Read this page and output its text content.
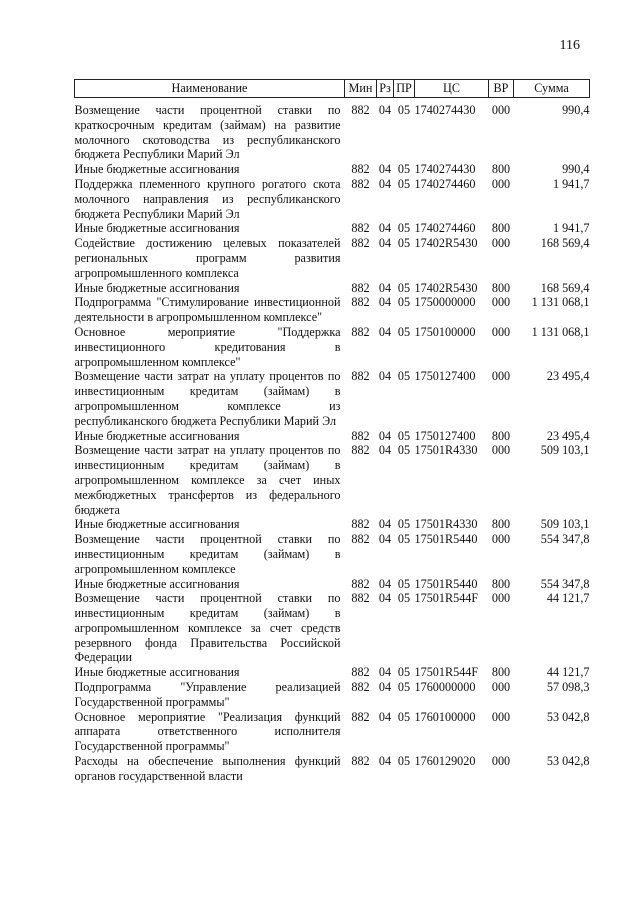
116
Наименование	Мин	Рз	ПР	ЦС	ВР	Сумма

Возмещение части процентной ставки по краткосрочным кредитам (займам) на развитие молочного скотоводства из республиканского бюджета Республики Марий Эл	882	04	05	1740274430	000	990,4
Иные бюджетные ассигнования	882	04	05	1740274430	800	990,4
Поддержка племенного крупного рогатого скота молочного направления из республиканского бюджета Республики Марий Эл	882	04	05	1740274460	000	1 941,7
Иные бюджетные ассигнования	882	04	05	1740274460	800	1 941,7
Содействие достижению целевых показателей региональных программ развития агропромышленного комплекса	882	04	05	17402R5430	000	168 569,4
Иные бюджетные ассигнования	882	04	05	17402R5430	800	168 569,4
Подпрограмма "Стимулирование инвестиционной деятельности в агропромышленном комплексе"	882	04	05	1750000000	000	1 131 068,1
Основное мероприятие "Поддержка инвестиционного кредитования в агропромышленном комплексе"	882	04	05	1750100000	000	1 131 068,1
Возмещение части затрат на уплату процентов по инвестиционным кредитам (займам) в агропромышленном комплексе из республиканского бюджета Республики Марий Эл	882	04	05	1750127400	000	23 495,4
Иные бюджетные ассигнования	882	04	05	1750127400	800	23 495,4
Возмещение части затрат на уплату процентов по инвестиционным кредитам (займам) в агропромышленном комплексе за счет иных межбюджетных трансфертов из федерального бюджета	882	04	05	17501R4330	000	509 103,1
Иные бюджетные ассигнования	882	04	05	17501R4330	800	509 103,1
Возмещение части процентной ставки по инвестиционным кредитам (займам) в агропромышленном комплексе	882	04	05	17501R5440	000	554 347,8
Иные бюджетные ассигнования	882	04	05	17501R5440	800	554 347,8
Возмещение части процентной ставки по инвестиционным кредитам (займам) в агропромышленном комплексе за счет средств резервного фонда Правительства Российской Федерации	882	04	05	17501R544F	000	44 121,7
Иные бюджетные ассигнования	882	04	05	17501R544F	800	44 121,7
Подпрограмма "Управление реализацией Государственной программы"	882	04	05	1760000000	000	57 098,3
Основное мероприятие "Реализация функций аппарата ответственного исполнителя Государственной программы"	882	04	05	1760100000	000	53 042,8
Расходы на обеспечение выполнения функций органов государственной власти	882	04	05	1760129020	000	53 042,8
